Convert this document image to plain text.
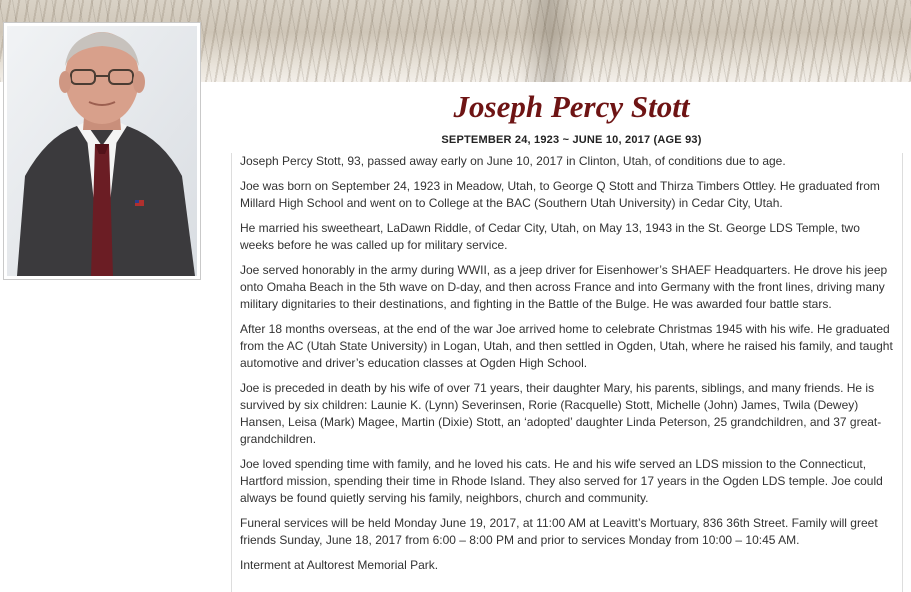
Joseph Percy Stott
SEPTEMBER 24, 1923 ~ JUNE 10, 2017 (AGE 93)

Joseph Percy Stott, 93, passed away early on June 10, 2017 in Clinton, Utah, of conditions due to age.

Joe was born on September 24, 1923 in Meadow, Utah, to George Q Stott and Thirza Timbers Ottley. He graduated from Millard High School and went on to College at the BAC (Southern Utah University) in Cedar City, Utah.

He married his sweetheart, LaDawn Riddle, of Cedar City, Utah, on May 13, 1943 in the St. George LDS Temple, two weeks before he was called up for military service.

Joe served honorably in the army during WWII, as a jeep driver for Eisenhower’s SHAEF Headquarters. He drove his jeep onto Omaha Beach in the 5th wave on D-day, and then across France and into Germany with the front lines, driving many military dignitaries to their destinations, and fighting in the Battle of the Bulge. He was awarded four battle stars.

After 18 months overseas, at the end of the war Joe arrived home to celebrate Christmas 1945 with his wife. He graduated from the AC (Utah State University) in Logan, Utah, and then settled in Ogden, Utah, where he raised his family, and taught automotive and driver’s education classes at Ogden High School.

Joe is preceded in death by his wife of over 71 years, their daughter Mary, his parents, siblings, and many friends. He is survived by six children: Launie K. (Lynn) Severinsen, Rorie (Racquelle) Stott, Michelle (John) James, Twila (Dewey) Hansen, Leisa (Mark) Magee, Martin (Dixie) Stott, an ‘adopted’ daughter Linda Peterson, 25 grandchildren, and 37 great-grandchildren.

Joe loved spending time with family, and he loved his cats. He and his wife served an LDS mission to the Connecticut, Hartford mission, spending their time in Rhode Island. They also served for 17 years in the Ogden LDS temple. Joe could always be found quietly serving his family, neighbors, church and community.

Funeral services will be held Monday June 19, 2017, at 11:00 AM at Leavitt’s Mortuary, 836 36th Street. Family will greet friends Sunday, June 18, 2017 from 6:00 – 8:00 PM and prior to services Monday from 10:00 – 10:45 AM.

Interment at Aultorest Memorial Park.
